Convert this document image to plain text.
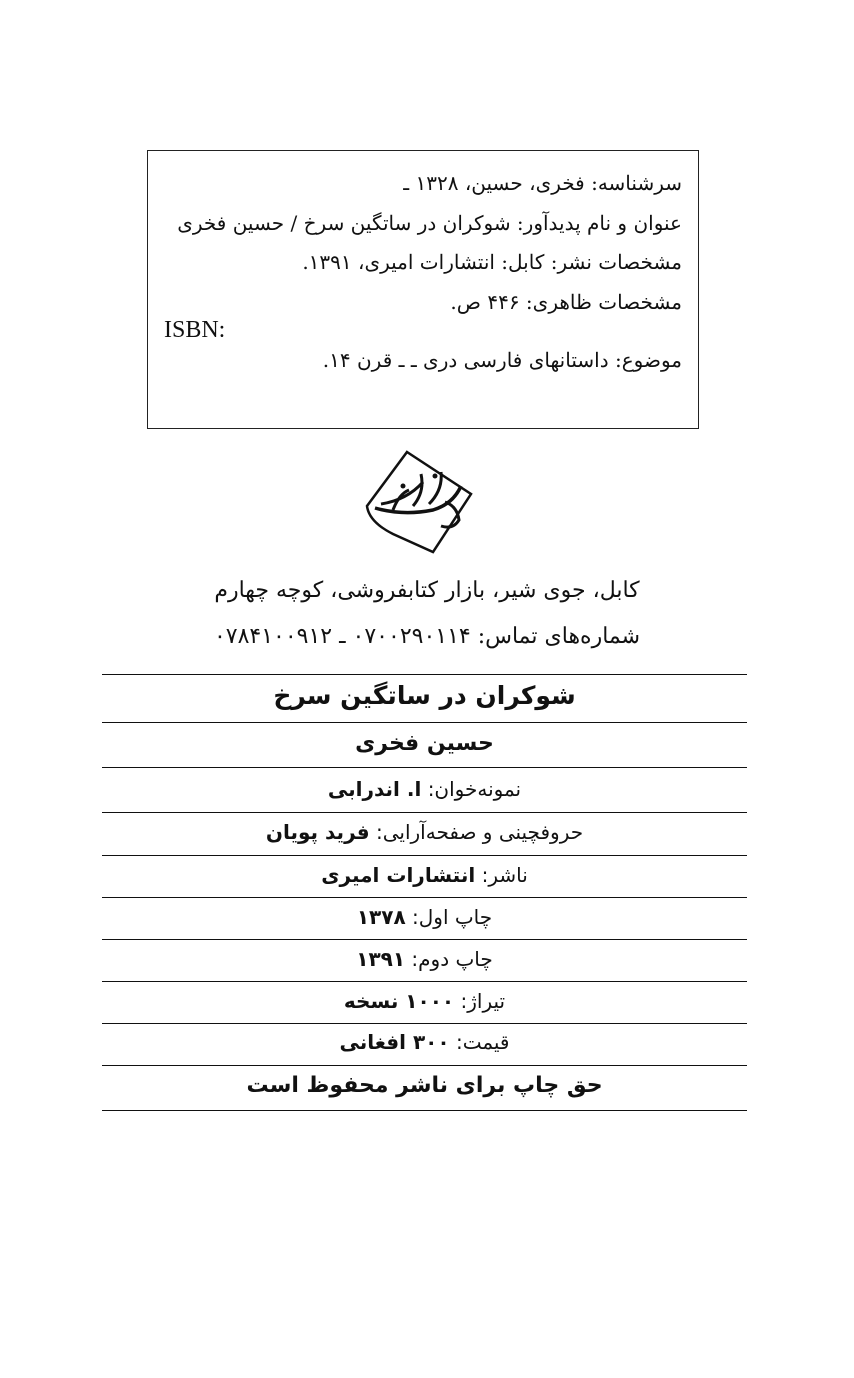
سرشناسه: فخری، حسین، ۱۳۲۸ ـ
عنوان و نام پدیدآور: شوکران در ساتگین سرخ / حسین فخری
مشخصات نشر: کابل: انتشارات امیری، ۱۳۹۱.
مشخصات ظاهری: ۴۴۶ ص.
ISBN:
موضوع: داستانهای فارسی دری ـ ـ قرن ۱۴.
کابل، جوی شیر، بازار کتابفروشی، کوچه چهارم
شماره‌های تماس: ۰۷۰۰۲۹۰۱۱۴ ـ ۰۷۸۴۱۰۰۹۱۲
شوکران در ساتگین سرخ
حسین فخری
نمونه‌خوان: ا. اندرابی
حروفچینی و صفحه‌آرایی: فرید پویان
ناشر: انتشارات امیری
چاپ اول: ۱۳۷۸
چاپ دوم: ۱۳۹۱
تیراژ: ۱۰۰۰ نسخه
قیمت: ۳۰۰ افغانی
حق چاپ برای ناشر محفوظ است
